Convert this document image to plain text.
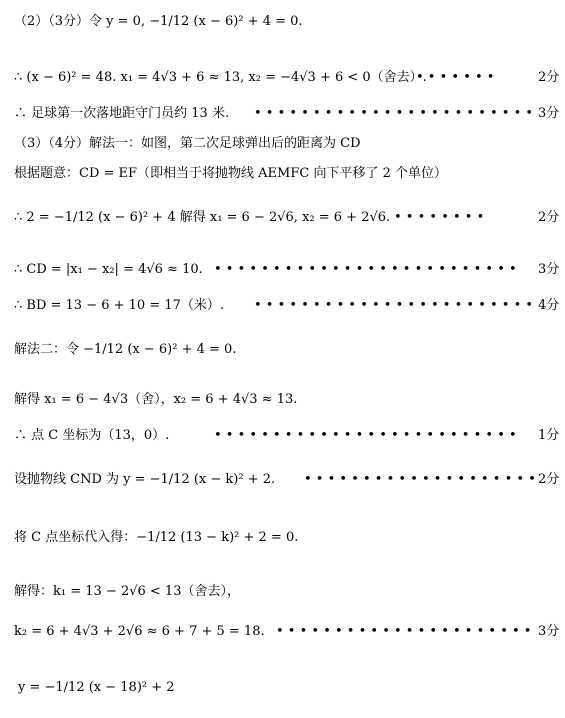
（2）（3分）令 y = 0, −1/12 (x − 6)² + 4 = 0.
∴ (x − 6)² = 48. x₁ = 4√3 + 6 ≈ 13, x₂ = −4√3 + 6 < 0（舍去）.
• • • • • • •	2分
∴ 足球第一次落地距守门员约 13 米. • • • • • • • • • • • • • • • • • • • • • • • • 3分
（3）（4分）解法一：如图，第二次足球弹出后的距离为 CD
根据题意：CD = EF（即相当于将抛物线 AEMFC 向下平移了 2 个单位）
∴ 2 = −1/12 (x − 6)² + 4 解得 x₁ = 6 − 2√6, x₂ = 6 + 2√6. • • • • • • • •	2分
∴ CD = |x₁ − x₂| = 4√6 ≈ 10. • • • • • • • • • • • • • • • • • • • • • • • • • • 3分
∴ BD = 13 − 6 + 10 = 17（米）. • • • • • • • • • • • • • • • • • • • • • • • • 4分
解法二：令 −1/12 (x − 6)² + 4 = 0.
解得 x₁ = 6 − 4√3（舍），x₂ = 6 + 4√3 ≈ 13.
∴ 点 C 坐标为（13，0）.	• • • • • • • • • • • • • • • • • • • • • • • • • • 1分
设抛物线 CND 为 y = −1/12 (x − k)² + 2. • • • • • • • • • • • • • • • • • • • • 2分
将 C 点坐标代入得：−1/12 (13 − k)² + 2 = 0.
解得：k₁ = 13 − 2√6 < 13（舍去），
k₂ = 6 + 4√3 + 2√6 ≈ 6 + 7 + 5 = 18. • • • • • • • • • • • • • • • • • • • • • • 3分
y = −1/12 (x − 18)² + 2
